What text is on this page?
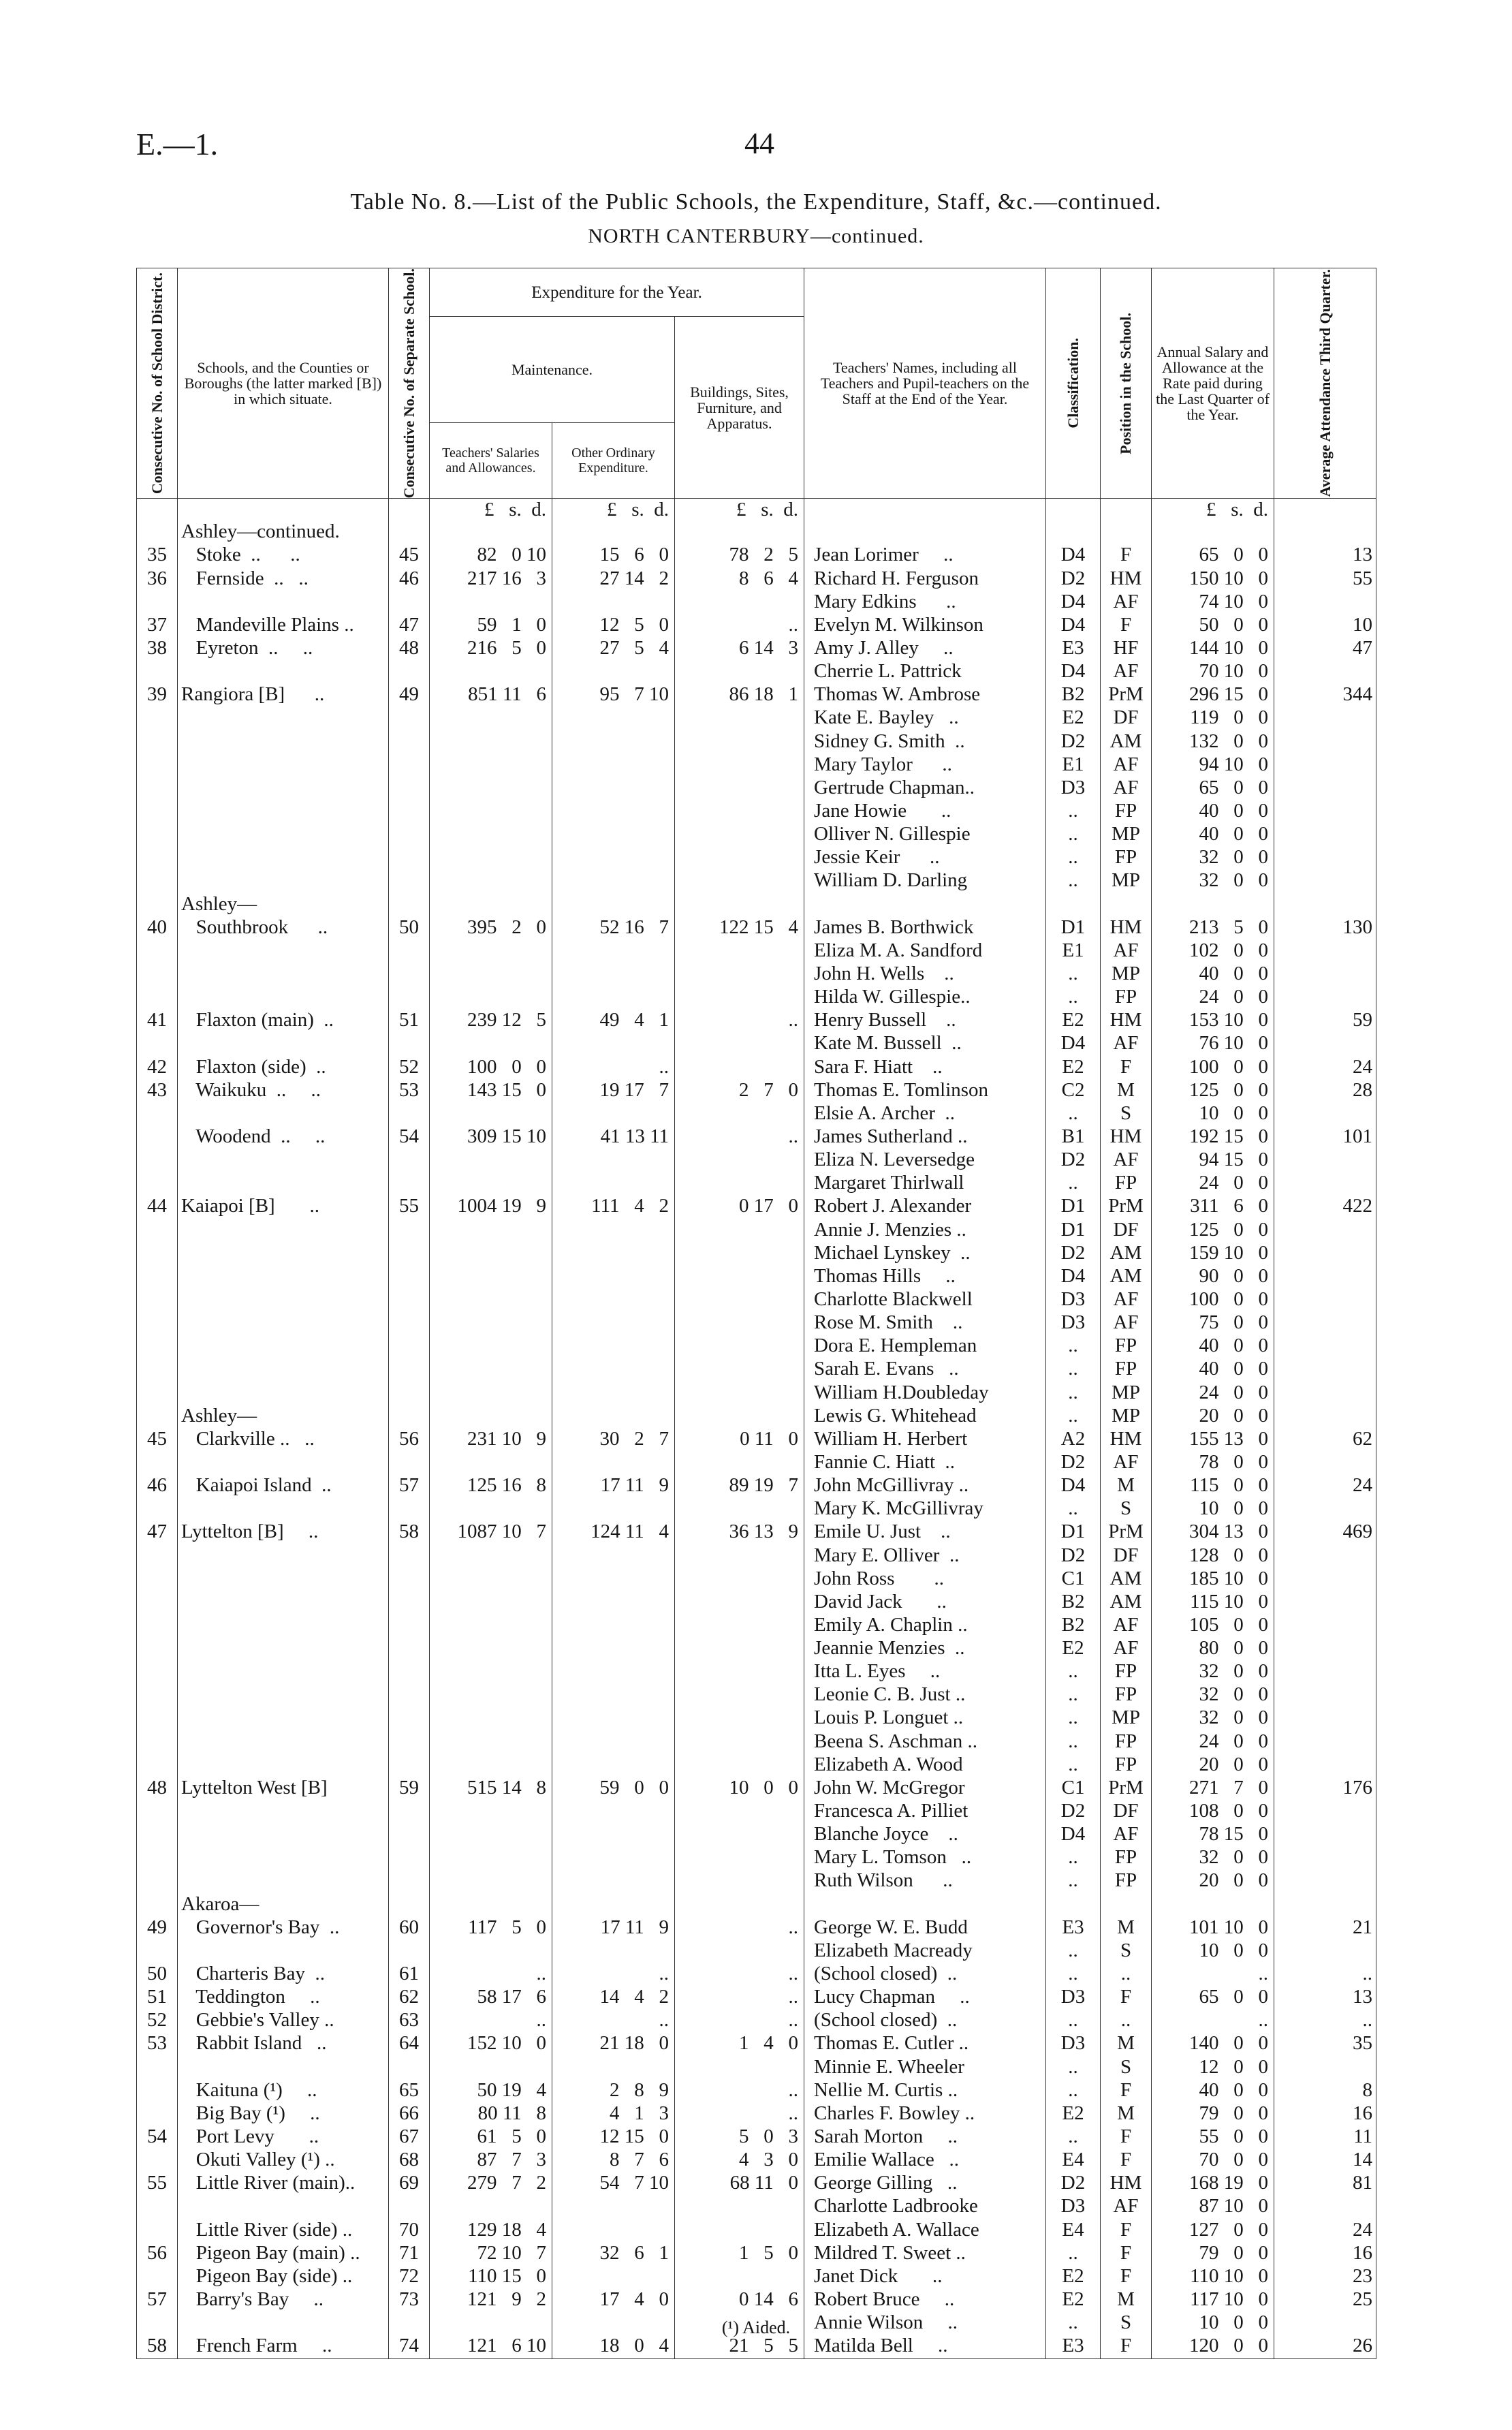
E.—1.	44
Table No. 8.—List of the Public Schools, the Expenditure, Staff, &c.—continued.
NORTH CANTERBURY—continued.
Consecutive No. of School District.	Schools, and the Counties or Boroughs (the latter marked [B]) in which situate.	Consecutive No. of Separate School.	Expenditure for the Year.			Teachers' Names, including all Teachers and Pupil-teachers on the Staff at the End of the Year.	Classification.	Position in the School.	Annual Salary and Allowance at the Rate paid during the Last Quarter of the Year.	Average Attendance Third Quarter.

			Maintenance.		Buildings, Sites, Furniture, and Apparatus.					
			Teachers' Salaries and Allowances.	Other Ordinary Expenditure.						
			£   s.  d.	£   s.  d.	£   s.  d.				£   s.  d.	
	Ashley—continued.									
35	Stoke  ..      ..	45	82   0 10	15   6   0	78   2   5	Jean Lorimer     ..	D4	F	65   0   0	13
36	Fernside  ..   ..	46	217 16   3	27 14   2	8   6   4	Richard H. Ferguson	D2	HM	150 10   0	55
						Mary Edkins      ..	D4	AF	74 10   0	
37	Mandeville Plains ..	47	59   1   0	12   5   0	..	Evelyn M. Wilkinson	D4	F	50   0   0	10
38	Eyreton  ..     ..	48	216   5   0	27   5   4	6 14   3	Amy J. Alley     ..	E3	HF	144 10   0	47
						Cherrie L. Pattrick	D4	AF	70 10   0	
39	Rangiora [B]      ..	49	851 11   6	95   7 10	86 18   1	Thomas W. Ambrose	B2	PrM	296 15   0	344
						Kate E. Bayley   ..	E2	DF	119   0   0	
						Sidney G. Smith  ..	D2	AM	132   0   0	
						Mary Taylor      ..	E1	AF	94 10   0	
						Gertrude Chapman..	D3	AF	65   0   0	
						Jane Howie       ..	..	FP	40   0   0	
						Olliver N. Gillespie	..	MP	40   0   0	
						Jessie Keir      ..	..	FP	32   0   0	
						William D. Darling	..	MP	32   0   0	
	Ashley—									
40	Southbrook      ..	50	395   2   0	52 16   7	122 15   4	James B. Borthwick	D1	HM	213   5   0	130
						Eliza M. A. Sandford	E1	AF	102   0   0	
						John H. Wells    ..	..	MP	40   0   0	
						Hilda W. Gillespie..	..	FP	24   0   0	
41	Flaxton (main)  ..	51	239 12   5	49   4   1	..	Henry Bussell    ..	E2	HM	153 10   0	59
						Kate M. Bussell  ..	D4	AF	76 10   0	
42	Flaxton (side)  ..	52	100   0   0	..		Sara F. Hiatt    ..	E2	F	100   0   0	24
43	Waikuku  ..     ..	53	143 15   0	19 17   7	2   7   0	Thomas E. Tomlinson	C2	M	125   0   0	28
						Elsie A. Archer  ..	..	S	10   0   0	
	Woodend  ..     ..	54	309 15 10	41 13 11	..	James Sutherland ..	B1	HM	192 15   0	101
						Eliza N. Leversedge	D2	AF	94 15   0	
						Margaret Thirlwall	..	FP	24   0   0	
44	Kaiapoi [B]       ..	55	1004 19   9	111   4   2	0 17   0	Robert J. Alexander	D1	PrM	311   6   0	422
						Annie J. Menzies ..	D1	DF	125   0   0	
						Michael Lynskey  ..	D2	AM	159 10   0	
						Thomas Hills     ..	D4	AM	90   0   0	
						Charlotte Blackwell	D3	AF	100   0   0	
						Rose M. Smith    ..	D3	AF	75   0   0	
						Dora E. Hempleman	..	FP	40   0   0	
						Sarah E. Evans   ..	..	FP	40   0   0	
						William H.Doubleday	..	MP	24   0   0	
	Ashley—					Lewis G. Whitehead	..	MP	20   0   0	
45	Clarkville ..   ..	56	231 10   9	30   2   7	0 11   0	William H. Herbert	A2	HM	155 13   0	62
						Fannie C. Hiatt  ..	D2	AF	78   0   0	
46	Kaiapoi Island  ..	57	125 16   8	17 11   9	89 19   7	John McGillivray ..	D4	M	115   0   0	24
						Mary K. McGillivray	..	S	10   0   0	
47	Lyttelton [B]     ..	58	1087 10   7	124 11   4	36 13   9	Emile U. Just    ..	D1	PrM	304 13   0	469
						Mary E. Olliver  ..	D2	DF	128   0   0	
						John Ross        ..	C1	AM	185 10   0	
						David Jack       ..	B2	AM	115 10   0	
						Emily A. Chaplin ..	B2	AF	105   0   0	
						Jeannie Menzies  ..	E2	AF	80   0   0	
						Itta L. Eyes     ..	..	FP	32   0   0	
						Leonie C. B. Just ..	..	FP	32   0   0	
						Louis P. Longuet ..	..	MP	32   0   0	
						Beena S. Aschman ..	..	FP	24   0   0	
						Elizabeth A. Wood	..	FP	20   0   0	
48	Lyttelton West [B]	59	515 14   8	59   0   0	10   0   0	John W. McGregor	C1	PrM	271   7   0	176
						Francesca A. Pilliet	D2	DF	108   0   0	
						Blanche Joyce    ..	D4	AF	78 15   0	
						Mary L. Tomson   ..	..	FP	32   0   0	
						Ruth Wilson      ..	..	FP	20   0   0	
	Akaroa—									
49	Governor's Bay  ..	60	117   5   0	17 11   9	..	George W. E. Budd	E3	M	101 10   0	21
						Elizabeth Macready	..	S	10   0   0	
50	Charteris Bay  ..	61	..	..	..	(School closed)  ..	..	..	..	..
51	Teddington     ..	62	58 17   6	14   4   2	..	Lucy Chapman     ..	D3	F	65   0   0	13
52	Gebbie's Valley ..	63	..	..	..	(School closed)  ..	..	..	..	..
53	Rabbit Island   ..	64	152 10   0	21 18   0	1   4   0	Thomas E. Cutler ..	D3	M	140   0   0	35
						Minnie E. Wheeler	..	S	12   0   0	
	Kaituna (¹)     ..	65	50 19   4	2   8   9	..	Nellie M. Curtis ..	..	F	40   0   0	8
	Big Bay (¹)     ..	66	80 11   8	4   1   3	..	Charles F. Bowley ..	E2	M	79   0   0	16
54	Port Levy       ..	67	61   5   0	12 15   0	5   0   3	Sarah Morton     ..	..	F	55   0   0	11
	Okuti Valley (¹) ..	68	87   7   3	8   7   6	4   3   0	Emilie Wallace   ..	E4	F	70   0   0	14
55	Little River (main)..	69	279   7   2	54   7 10	68 11   0	George Gilling   ..	D2	HM	168 19   0	81
						Charlotte Ladbrooke	D3	AF	87 10   0	
	Little River (side) ..	70	129 18   4			Elizabeth A. Wallace	E4	F	127   0   0	24
56	Pigeon Bay (main) ..	71	72 10   7	32   6   1	1   5   0	Mildred T. Sweet ..	..	F	79   0   0	16
	Pigeon Bay (side) ..	72	110 15   0			Janet Dick       ..	E2	F	110 10   0	23
57	Barry's Bay     ..	73	121   9   2	17   4   0	0 14   6	Robert Bruce     ..	E2	M	117 10   0	25
						Annie Wilson     ..	..	S	10   0   0	
58	French Farm     ..	74	121   6 10	18   0   4	21   5   5	Matilda Bell     ..	E3	F	120   0   0	26

(¹) Aided.
